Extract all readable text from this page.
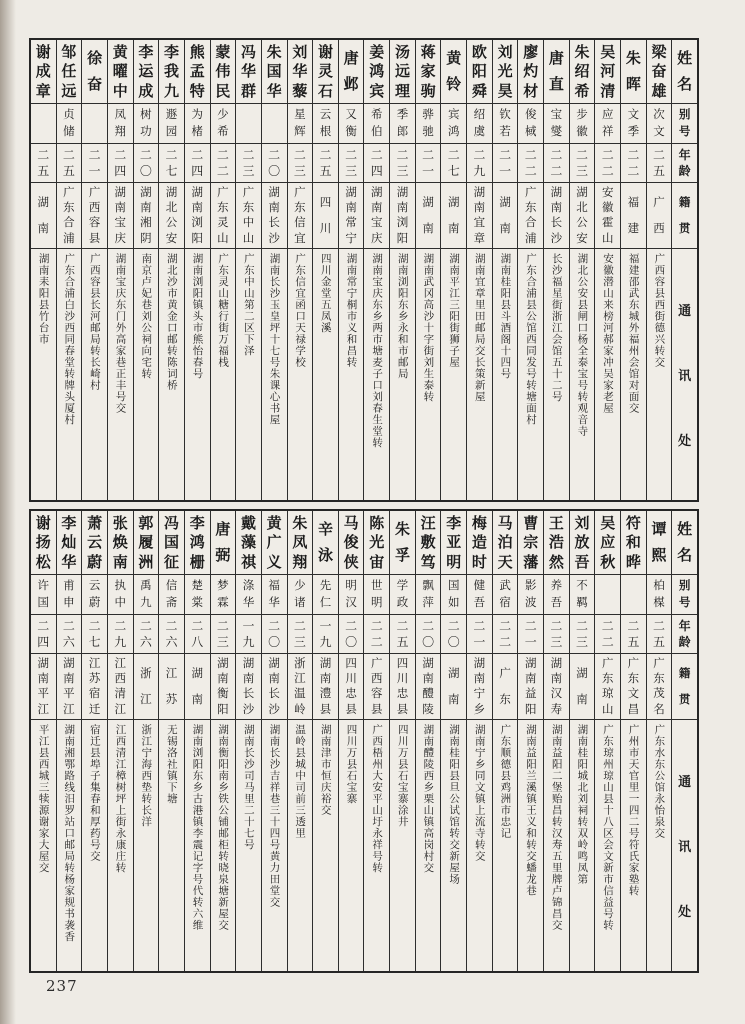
姓
名
别
号
年
龄
籍
贯
通
讯
处
梁
奋
雄
次
文
二
五
广
西
广西容县西街德兴转交
朱
晖
文
季
二
二
福
建
福建邵武东城外福州会馆对面交
吴
河
清
应
祥
二
二
安
徽
霍
山
安徽潜山来榜河郝家冲吴家老屋
朱
绍
希
步
徽
二
三
湖
北
公
安
湖北公安县闸口杨全泰宝号转观音寺
唐
直
宝
燮
二
二
湖
南
长
沙
长沙福星街浙江会馆五十二号
廖
灼
材
俊
棫
二
二
广
东
合
浦
广东合浦县公馆西同发号转塘面村
刘
光
昊
钦
若
二
一
湖
南
湖南桂阳县斗酒阁十四号
欧
阳
舜
绍
虞
二
九
湖
南
宜
章
湖南宜章里田邮局交长策新屋
黄
铃
宾
鸿
二
七
湖
南
湖南平江三阳街狮子屋
蒋
家
驹
骅
驰
二
一
湖
南
湖南武冈高沙十字街刘生泰转
汤
远
理
季
郎
二
三
湖
南
浏
阳
湖南浏阳东乡永和市邮局
姜
鸿
宾
希
伯
二
四
湖
南
宝
庆
湖南宝庆东乡两市塘麦子口刘春生堂转
唐
邺
又
衡
二
三
湖
南
常
宁
湖南常宁桐市义和昌转
谢
灵
石
云
根
二
五
四
川
四川金堂五凤溪
刘
华
藜
星
辉
二
三
广
东
信
宜
广东信宜函口天禄学校
朱
国
华
二
〇
湖
南
长
沙
湖南长沙玉皇坪十七号朱课心书屋
冯
华
群
二
三
广
东
中
山
广东中山第二区下泽
蒙
伟
民
少
希
二
二
广
东
灵
山
广东灵山糖行街万福栈
熊
孟
特
为
楮
二
四
湖
南
浏
阳
湖南浏阳镇头市熊怡春号
李
我
九
遯
园
二
七
湖
北
公
安
湖北沙市黄金口邮转陈词桥
李
运
成
树
功
二
〇
湖
南
湘
阴
南京卢妃巷刘公祠向宅转
黄
曜
中
凤
翔
二
四
湖
南
宝
庆
湖南宝庆东门外高家巷正丰号交
徐
奋
二
一
广
西
容
县
广西容县长河邮局转长崎村
邹
任
远
贞
储
二
五
广
东
合
浦
广东合浦白沙西同春堂转牌头厦村
谢
成
章
二
五
湖
南
湖南耒阳县竹台市
姓
名
别
号
年
龄
籍
贯
通
讯
处
谭
熙
柏
楳
二
五
广
东
茂
名
广东水东公馆永怡泉交
符
和
晔
二
五
广
东
文
昌
广州市天官里一四二号符氏家塾转
吴
应
秋
二
二
广
东
琼
山
广东琼州琼山县十八区会文新市信益号转
刘
放
吾
不
羁
二
三
湖
南
湖南桂阳城北刘祠转双岭鸣凤第
王
浩
然
养
吾
二
三
湖
南
汉
寿
湖南益阳二堡贻昌转汉寿五里牌卢锦昌交
曹
宗
藩
影
波
二
一
湖
南
益
阳
湖南益阳兰溪镇王义和转交蟠龙巷
马
泊
天
武
宿
二
二
广
东
广东顺德县鸡洲市忠记
梅
造
时
健
吾
二
一
湖
南
宁
乡
湖南宁乡同文镇上流寺转交
李
亚
明
国
如
二
〇
湖
南
湖南桂阳县旦公试馆转交新屋场
汪
敷
笃
飘
萍
二
〇
湖
南
醴
陵
湖南醴陵西乡栗山镇高岗村交
朱
孚
学
政
二
五
四
川
忠
县
四川万县石宝寨涂井
陈
光
宙
世
明
二
二
广
西
容
县
广西梧州大安平山圩永祥号转
马
俊
侠
明
汉
二
〇
四
川
忠
县
四川万县石宝寨
辛
泳
先
仁
一
九
湖
南
澧
县
湖南津市恒庆裕交
朱
凤
翔
少
诸
二
三
浙
江
温
岭
温岭县城中司前三透里
黄
广
义
福
华
二
〇
湖
南
长
沙
湖南长沙吉祥巷三十四号黄力田堂交
戴
藻
祺
涤
华
一
九
湖
南
长
沙
湖南长沙司马里二十七号
唐
弼
梦
霖
二
三
湖
南
衡
阳
湖南衡阳南乡铁公铺邮柜转晓泉塘新屋交
李
鸿
栅
楚
棠
二
八
湖
南
湖南浏阳东乡古港镇李震记字号代转六维
冯
国
征
信
斋
二
六
江
苏
无锡洛社镇下塘
郭
履
洲
禹
九
二
六
浙
江
浙江宁海西垫转长洋
张
焕
南
执
中
二
九
江
西
清
江
江西清江樟树坪上街永康庄转
萧
云
蔚
云
蔚
二
七
江
苏
宿
迁
宿迁县埠子集春和厚药号交
李
灿
华
甫
申
二
六
湖
南
平
江
湖南湘鄂路线汨罗站口邮局转杨家规书袭香
谢
扬
松
许
国
二
四
湖
南
平
江
平江县西城三犊源谢家大屋交
237
